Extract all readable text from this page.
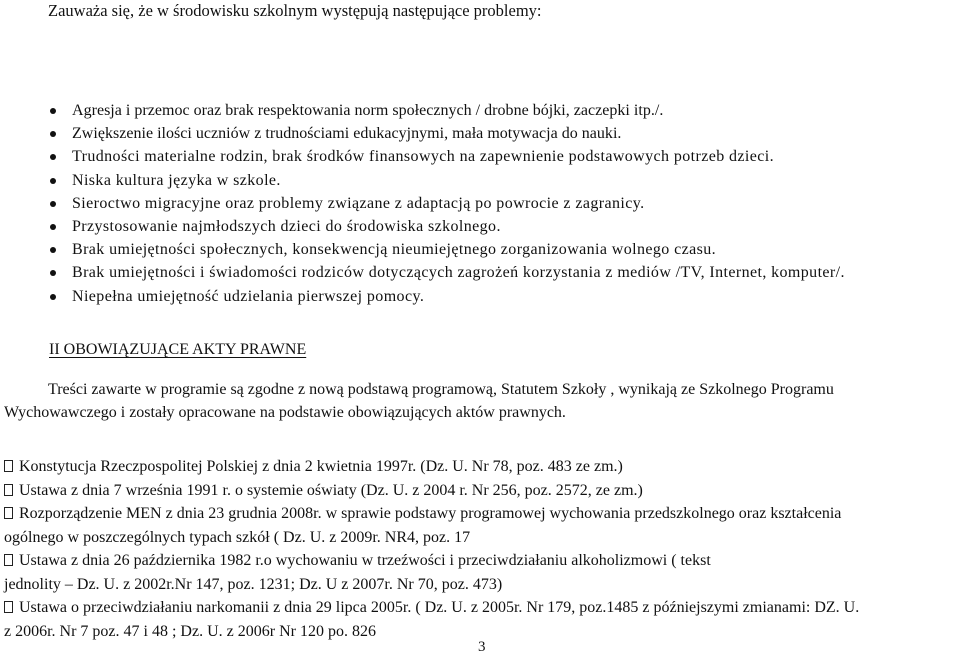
Zauważa się, że w środowisku szkolnym występują następujące problemy:
Agresja i przemoc oraz brak respektowania norm społecznych / drobne bójki, zaczepki itp./.
Zwiększenie ilości uczniów z trudnościami edukacyjnymi, mała motywacja do nauki.
Trudności materialne rodzin, brak środków finansowych na zapewnienie podstawowych potrzeb dzieci.
Niska kultura języka w szkole.
Sieroctwo migracyjne oraz problemy związane z adaptacją po powrocie z zagranicy.
Przystosowanie najmłodszych dzieci do środowiska szkolnego.
Brak umiejętności społecznych, konsekwencją nieumiejętnego zorganizowania wolnego czasu.
Brak umiejętności i świadomości rodziców dotyczących zagrożeń korzystania z mediów /TV, Internet, komputer/.
Niepełna umiejętność udzielania pierwszej pomocy.
II OBOWIĄZUJĄCE AKTY PRAWNE
Treści zawarte w programie są zgodne z nową podstawą programową, Statutem Szkoły , wynikają ze Szkolnego Programu
Wychowawczego i zostały opracowane na podstawie obowiązujących aktów prawnych.
Konstytucja Rzeczpospolitej Polskiej z dnia 2 kwietnia 1997r. (Dz. U. Nr 78, poz. 483 ze zm.)
Ustawa z dnia 7 września 1991 r. o systemie oświaty (Dz. U. z 2004 r. Nr 256, poz. 2572, ze zm.)
Rozporządzenie MEN z dnia 23 grudnia 2008r. w sprawie podstawy programowej wychowania przedszkolnego oraz kształcenia
ogólnego w poszczególnych typach szkół ( Dz. U. z 2009r. NR4, poz. 17
Ustawa z dnia 26 października 1982 r.o wychowaniu w trzeźwości i przeciwdziałaniu alkoholizmowi ( tekst
jednolity – Dz. U. z 2002r.Nr 147, poz. 1231; Dz. U z 2007r. Nr 70, poz. 473)
Ustawa o przeciwdziałaniu narkomanii z dnia 29 lipca 2005r. ( Dz. U. z 2005r. Nr 179, poz.1485 z późniejszymi zmianami: DZ. U.
z 2006r. Nr 7 poz. 47 i 48 ; Dz. U. z 2006r Nr 120 po. 826
3
